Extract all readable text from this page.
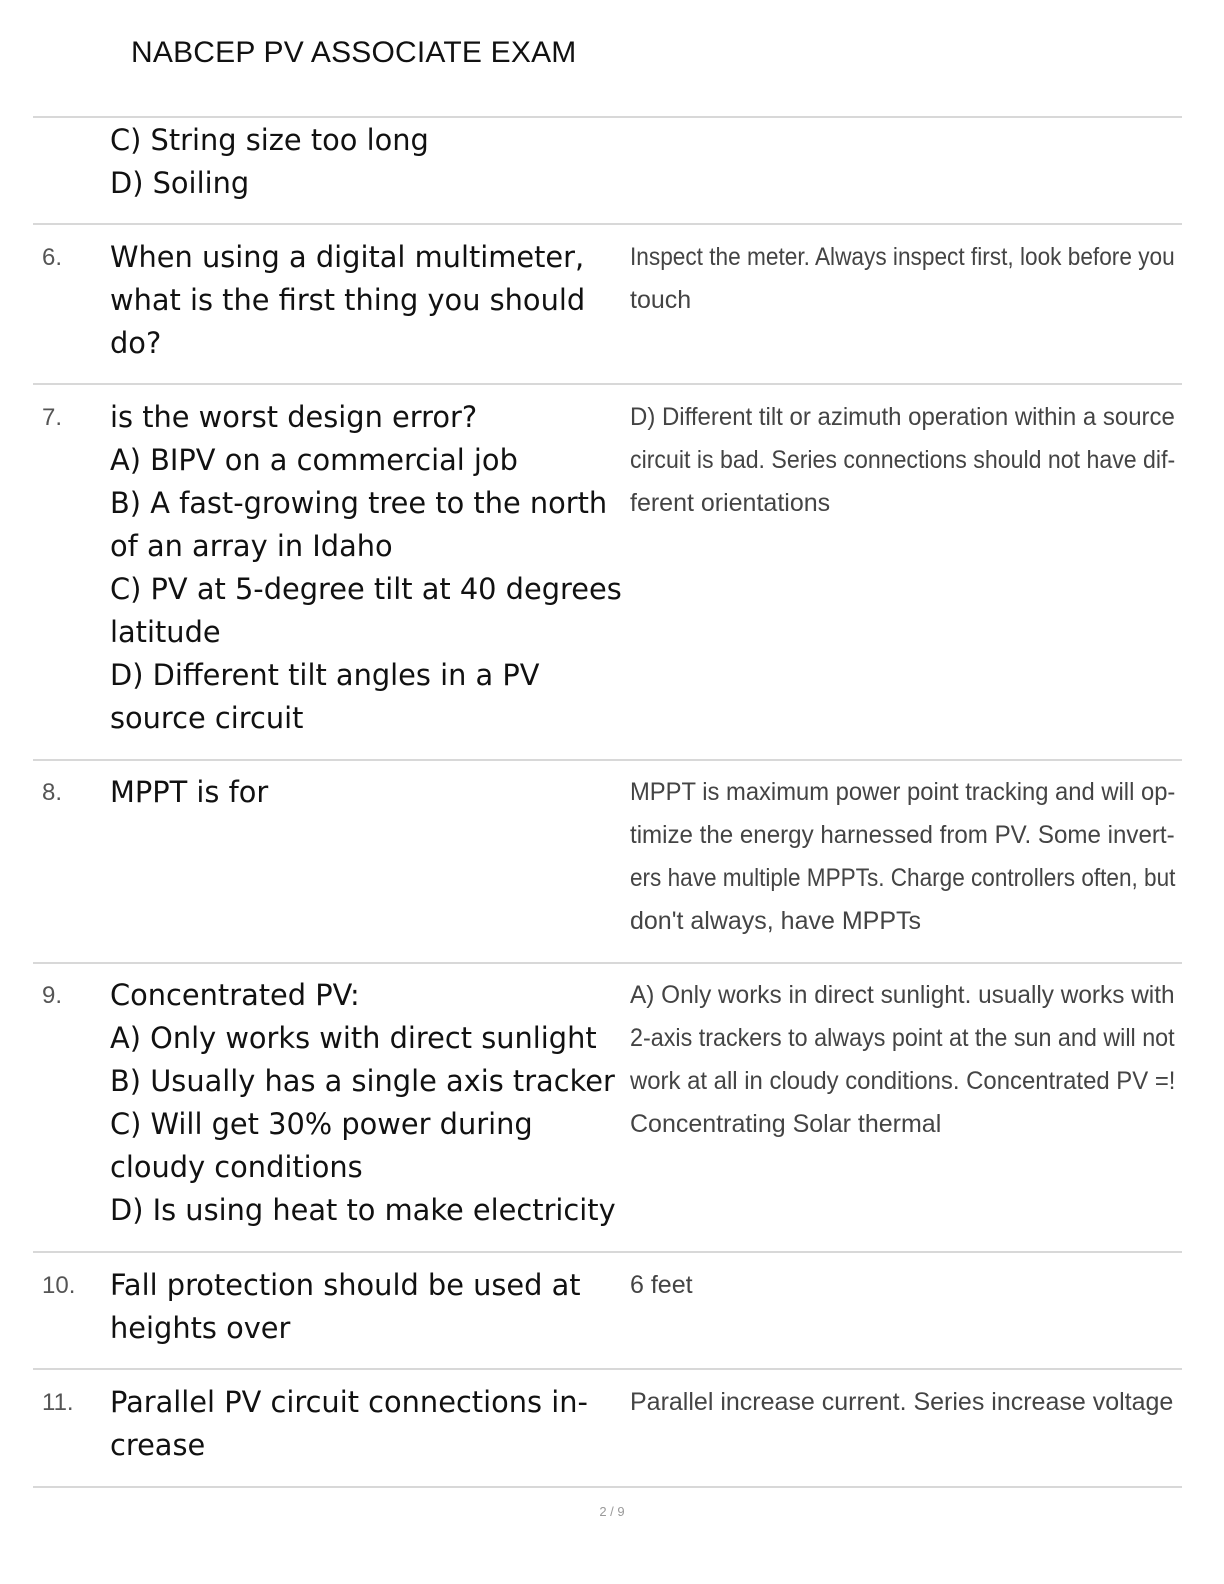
NABCEP PV ASSOCIATE EXAM
C) String size too long
D) Soiling
6. When using a digital multimeter,
what is the first thing you should
do?
Inspect the meter. Always inspect first, look before you
touch
7. is the worst design error?
A) BIPV on a commercial job
B) A fast-growing tree to the north
of an array in Idaho
C) PV at 5-degree tilt at 40 degrees
latitude
D) Different tilt angles in a PV
source circuit
D) Different tilt or azimuth operation within a source
circuit is bad. Series connections should not have dif-
ferent orientations
8. MPPT is for	MPPT is maximum power point tracking and will op-
timize the energy harnessed from PV. Some invert-
ers have multiple MPPTs. Charge controllers often, but
don't always, have MPPTs
9. Concentrated PV:
A) Only works with direct sunlight
B) Usually has a single axis tracker
C) Will get 30% power during
cloudy conditions
D) Is using heat to make electricity
A) Only works in direct sunlight. usually works with
2-axis trackers to always point at the sun and will not
work at all in cloudy conditions. Concentrated PV =!
Concentrating Solar thermal
10. Fall protection should be used at
heights over
6 feet
11. Parallel PV circuit connections in-
crease
Parallel increase current. Series increase voltage
2 / 9
